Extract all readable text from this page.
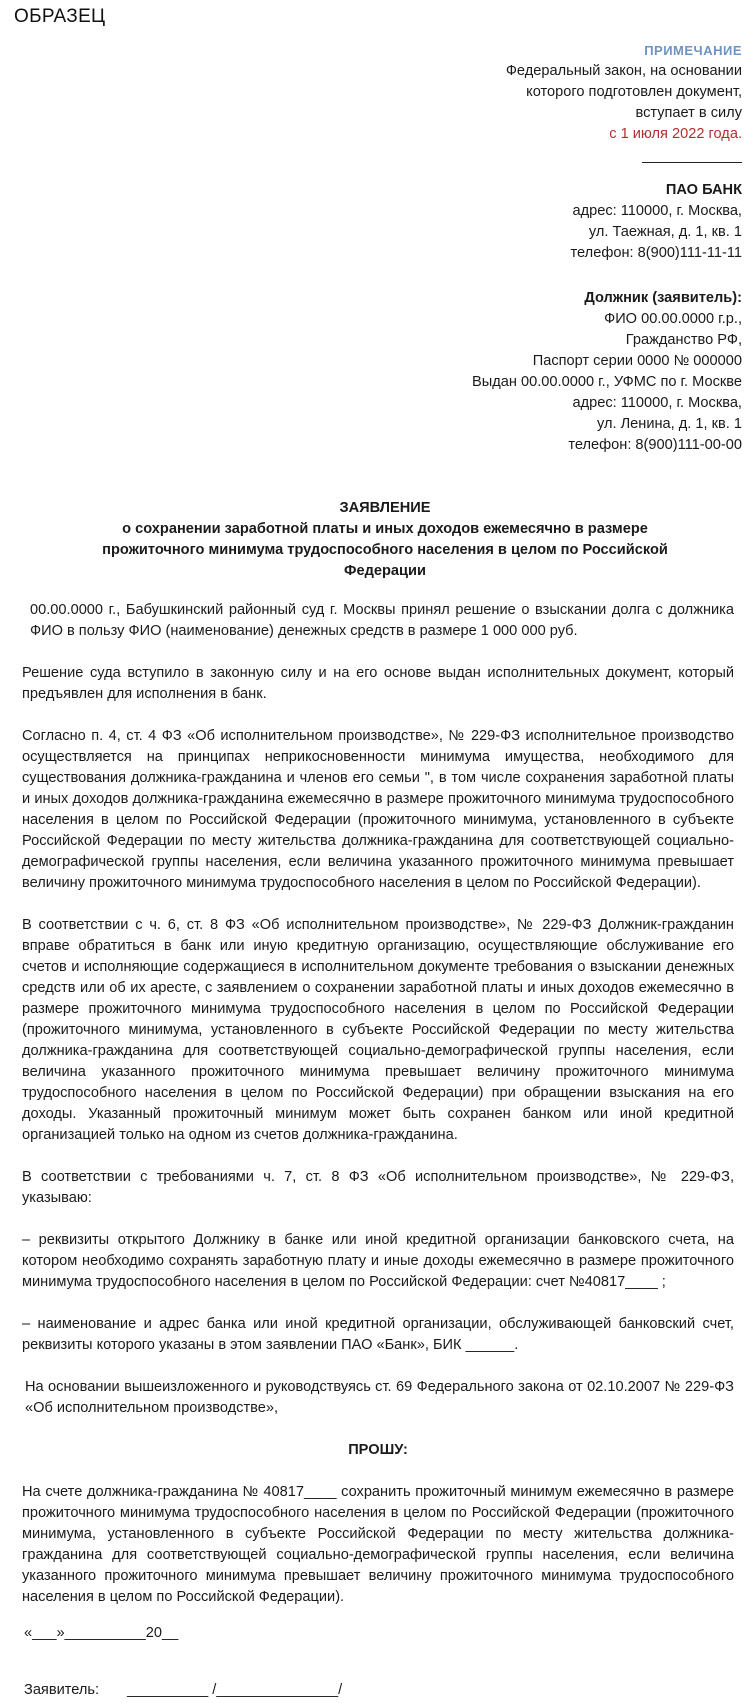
ОБРАЗЕЦ
ПРИМЕЧАНИЕ
Федеральный закон, на основании
которого подготовлен документ,
вступает в силу
с 1 июля 2022 года.
ПАО БАНК
адрес: 110000, г. Москва,
ул. Таежная, д. 1, кв. 1
телефон: 8(900)111-11-11
Должник (заявитель):
ФИО 00.00.0000 г.р.,
Гражданство РФ,
Паспорт серии 0000 № 000000
Выдан 00.00.0000 г., УФМС по г. Москве
адрес: 110000, г. Москва,
ул. Ленина, д. 1, кв. 1
телефон: 8(900)111-00-00
ЗАЯВЛЕНИЕ
о сохранении заработной платы и иных доходов ежемесячно в размере
прожиточного минимума трудоспособного населения в целом по Российской
Федерации

00.00.0000 г., Бабушкинский районный суд г. Москвы принял решение о взыскании долга с должника ФИО в пользу ФИО (наименование) денежных средств в размере 1 000 000 руб.

Решение суда вступило в законную силу и на его основе выдан исполнительных документ, который предъявлен для исполнения в банк.

Согласно п. 4, ст. 4 ФЗ «Об исполнительном производстве», № 229-ФЗ исполнительное производство осуществляется на принципах неприкосновенности минимума имущества, необходимого для существования должника-гражданина и членов его семьи ", в том числе сохранения заработной платы и иных доходов должника-гражданина ежемесячно в размере прожиточного минимума трудоспособного населения в целом по Российской Федерации (прожиточного минимума, установленного в субъекте Российской Федерации по месту жительства должника-гражданина для соответствующей социально-демографической группы населения, если величина указанного прожиточного минимума превышает величину прожиточного минимума трудоспособного населения в целом по Российской Федерации).

В соответствии с ч. 6, ст. 8 ФЗ «Об исполнительном производстве», № 229-ФЗ Должник-гражданин вправе обратиться в банк или иную кредитную организацию, осуществляющие обслуживание его счетов и исполняющие содержащиеся в исполнительном документе требования о взыскании денежных средств или об их аресте, с заявлением о сохранении заработной платы и иных доходов ежемесячно в размере прожиточного минимума трудоспособного населения в целом по Российской Федерации (прожиточного минимума, установленного в субъекте Российской Федерации по месту жительства должника-гражданина для соответствующей социально-демографической группы населения, если величина указанного прожиточного минимума превышает величину прожиточного минимума трудоспособного населения в целом по Российской Федерации) при обращении взыскания на его доходы. Указанный прожиточный минимум может быть сохранен банком или иной кредитной организацией только на одном из счетов должника-гражданина.

В соответствии с требованиями ч. 7, ст. 8 ФЗ «Об исполнительном производстве», № 229-ФЗ, указываю:

– реквизиты открытого Должнику в банке или иной кредитной организации банковского счета, на котором необходимо сохранять заработную плату и иные доходы ежемесячно в размере прожиточного минимума трудоспособного населения в целом по Российской Федерации: счет №40817____ ;

– наименование и адрес банка или иной кредитной организации, обслуживающей банковский счет, реквизиты которого указаны в этом заявлении ПАО «Банк», БИК ______.

На основании вышеизложенного и руководствуясь ст. 69 Федерального закона от 02.10.2007 № 229-ФЗ «Об исполнительном производстве»,

ПРОШУ:

На счете должника-гражданина № 40817____ сохранить прожиточный минимум ежемесячно в размере прожиточного минимума трудоспособного населения в целом по Российской Федерации (прожиточного минимума, установленного в субъекте Российской Федерации по месту жительства должника-гражданина для соответствующей социально-демографической группы населения, если величина указанного прожиточного минимума превышает величину прожиточного минимума трудоспособного населения в целом по Российской Федерации).

«___»__________20__
Заявитель: __________ /_______________/
